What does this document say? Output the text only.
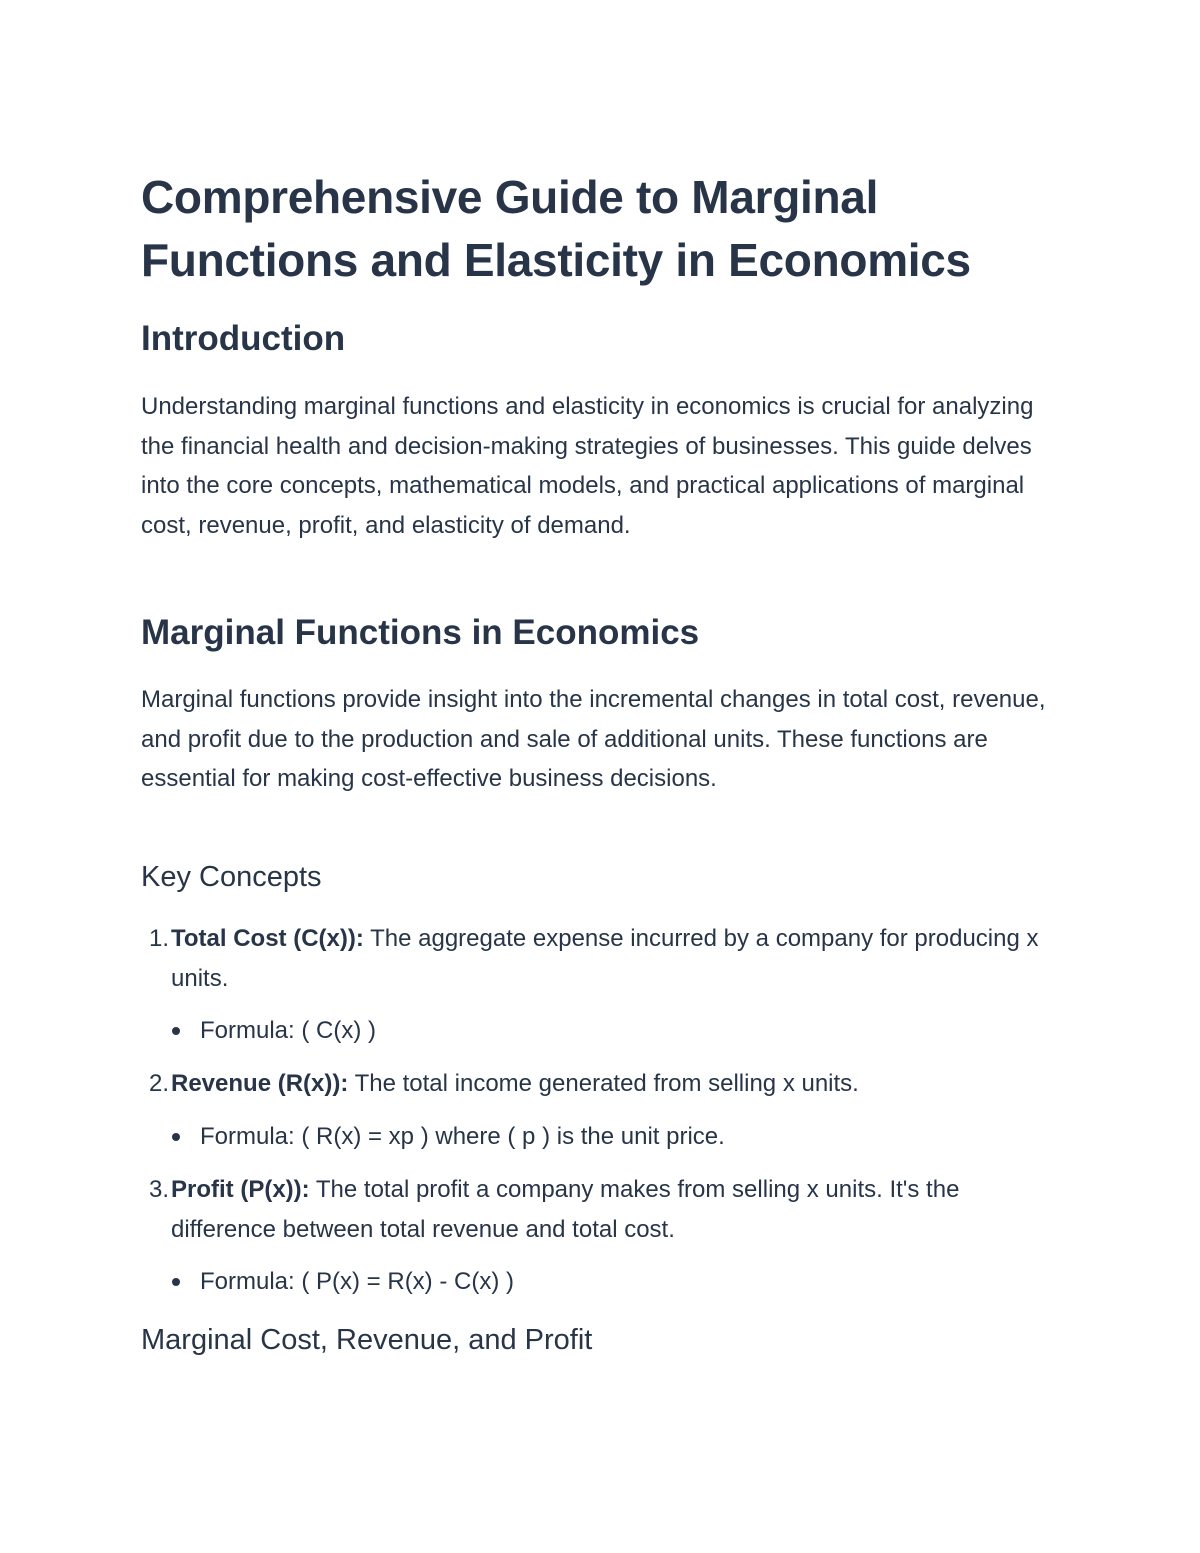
Comprehensive Guide to Marginal Functions and Elasticity in Economics
Introduction

Understanding marginal functions and elasticity in economics is crucial for analyzing the financial health and decision-making strategies of businesses. This guide delves into the core concepts, mathematical models, and practical applications of marginal cost, revenue, profit, and elasticity of demand.

Marginal Functions in Economics

Marginal functions provide insight into the incremental changes in total cost, revenue, and profit due to the production and sale of additional units. These functions are essential for making cost-effective business decisions.

Key Concepts
1. Total Cost (C(x)): The aggregate expense incurred by a company for producing x units.
Formula: ( C(x) )
2. Revenue (R(x)): The total income generated from selling x units.
Formula: ( R(x) = xp ) where ( p ) is the unit price.
3. Profit (P(x)): The total profit a company makes from selling x units. It's the difference between total revenue and total cost.
Formula: ( P(x) = R(x) - C(x) )
Marginal Cost, Revenue, and Profit
